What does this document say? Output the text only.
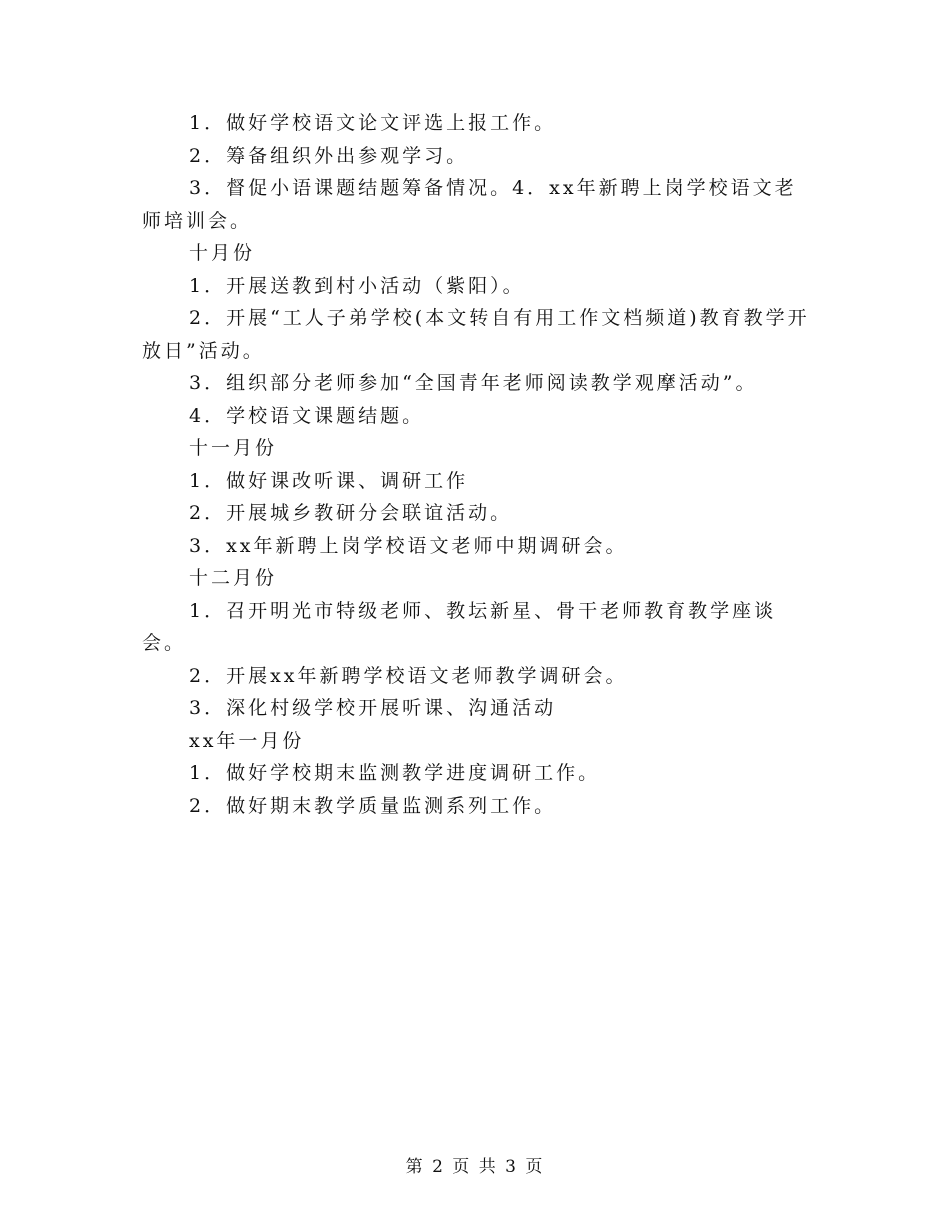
1．做好学校语文论文评选上报工作。

2．筹备组织外出参观学习。

3．督促小语课题结题筹备情况。4．xx年新聘上岗学校语文老师培训会。

十月份

1．开展送教到村小活动（紫阳）。

2．开展“工人子弟学校(本文转自有用工作文档频道)教育教学开放日”活动。

3．组织部分老师参加“全国青年老师阅读教学观摩活动”。

4．学校语文课题结题。

十一月份

1．做好课改听课、调研工作

2．开展城乡教研分会联谊活动。

3．xx年新聘上岗学校语文老师中期调研会。

十二月份

1．召开明光市特级老师、教坛新星、骨干老师教育教学座谈会。

2．开展xx年新聘学校语文老师教学调研会。

3．深化村级学校开展听课、沟通活动

xx年一月份

1．做好学校期末监测教学进度调研工作。

2．做好期末教学质量监测系列工作。

第 2 页 共 3 页
